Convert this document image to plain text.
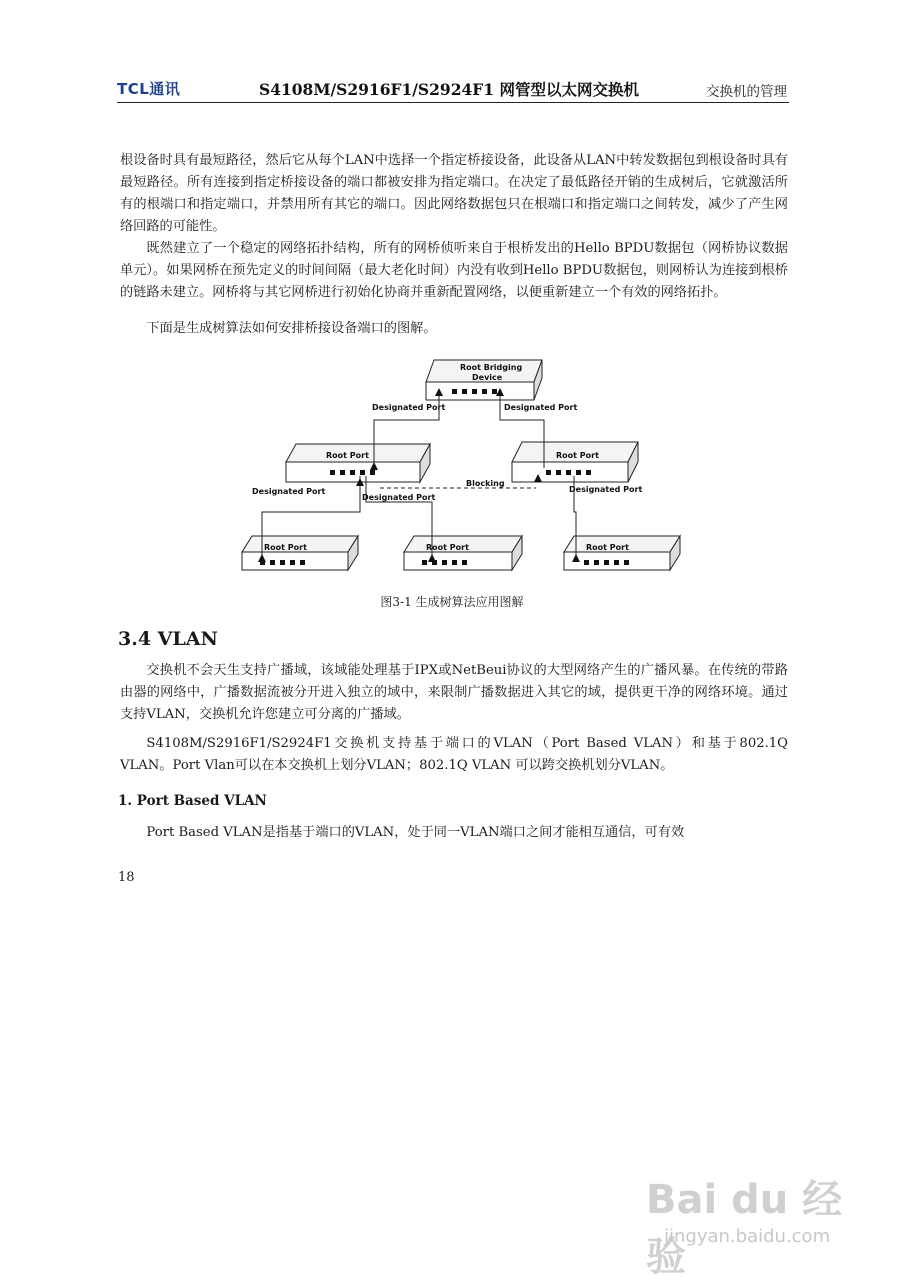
TCL通讯	S4108M/S2916F1/S2924F1 网管型以太网交换机	交换机的管理

根设备时具有最短路径，然后它从每个LAN中选择一个指定桥接设备，此设备从LAN中转发数据包到根设备时具有最短路径。所有连接到指定桥接设备的端口都被安排为指定端口。在决定了最低路径开销的生成树后，它就激活所有的根端口和指定端口，并禁用所有其它的端口。因此网络数据包只在根端口和指定端口之间转发，减少了产生网络回路的可能性。

既然建立了一个稳定的网络拓扑结构，所有的网桥侦听来自于根桥发出的Hello BPDU数据包（网桥协议数据单元）。如果网桥在预先定义的时间间隔（最大老化时间）内没有收到Hello BPDU数据包，则网桥认为连接到根桥的链路未建立。网桥将与其它网桥进行初始化协商并重新配置网络，以便重新建立一个有效的网络拓扑。

下面是生成树算法如何安排桥接设备端口的图解。

Root Bridging
Device
Designated Port	Designated Port
Root Port	Root Port
Designated Port
Designated Port
Designated Port
Blocking
Root Port	Root Port	Root Port
图3-1 生成树算法应用图解
3.4 VLAN

交换机不会天生支持广播域，该域能处理基于IPX或NetBeui协议的大型网络产生的广播风暴。在传统的带路由器的网络中，广播数据流被分开进入独立的域中，来限制广播数据进入其它的域，提供更干净的网络环境。通过支持VLAN，交换机允许您建立可分离的广播域。

S4108M/S2916F1/S2924F1交换机支持基于端口的VLAN（Port Based VLAN）和基于802.1Q VLAN。Port Vlan可以在本交换机上划分VLAN；802.1Q VLAN 可以跨交换机划分VLAN。

1. Port Based VLAN

Port Based VLAN是指基于端口的VLAN，处于同一VLAN端口之间才能相互通信，可有效

18
Bai du 经验
jingyan.baidu.com
